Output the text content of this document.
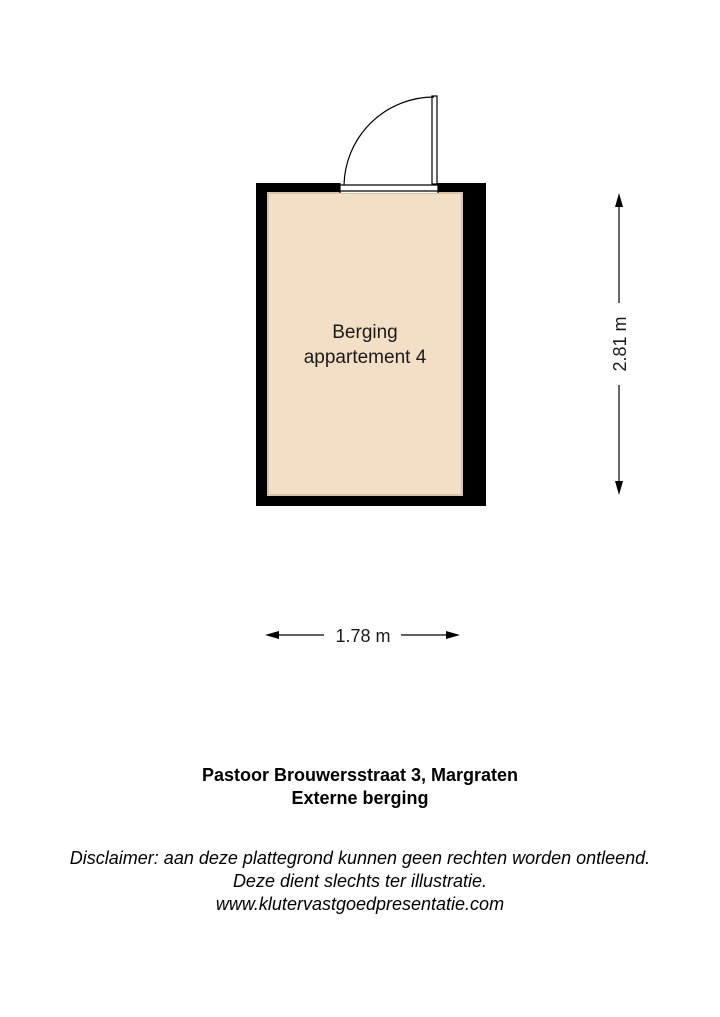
Berging
appartement 4	2.81 m
1.78 m
Pastoor Brouwersstraat 3, Margraten
Externe berging
Disclaimer: aan deze plattegrond kunnen geen rechten worden ontleend.
Deze dient slechts ter illustratie.
www.klutervastgoedpresentatie.com
